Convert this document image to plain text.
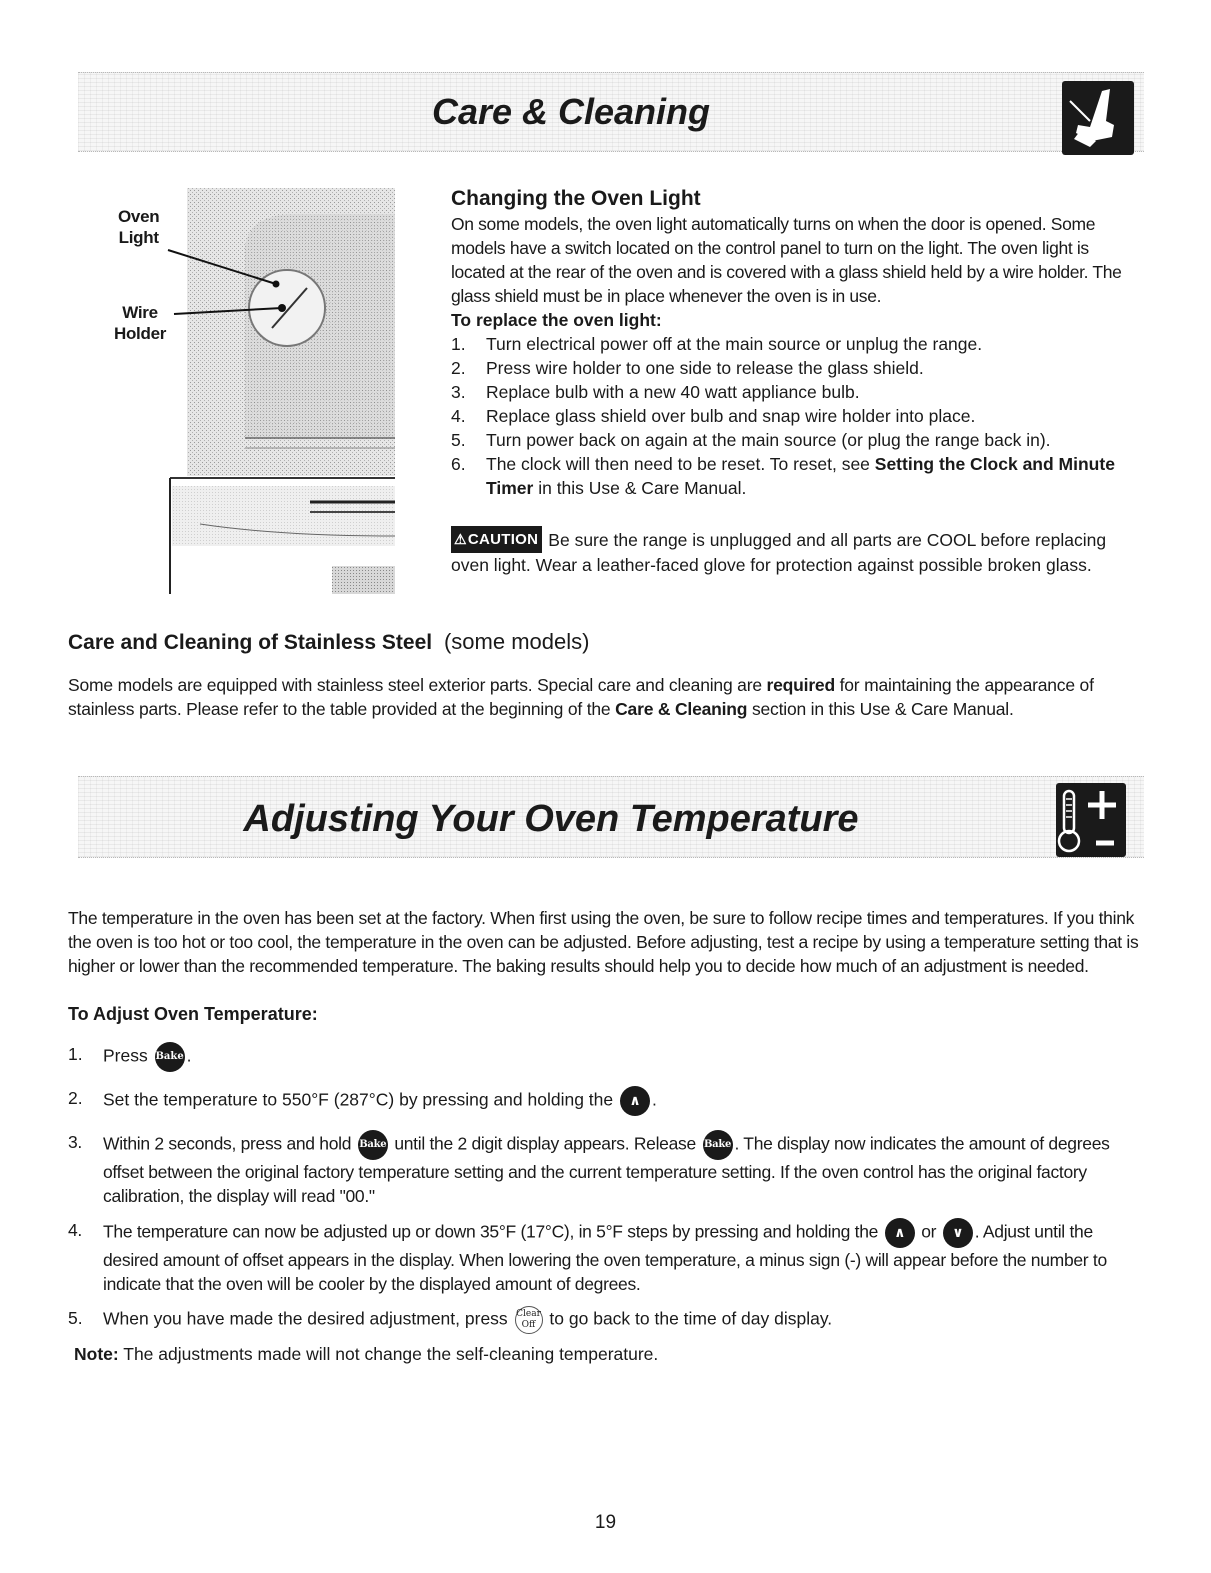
Care & Cleaning
Oven
Light
Wire
Holder
Changing the Oven Light
On some models, the oven light automatically turns on when the door is opened. Some models have a switch located on the control panel to turn on the light. The oven light is located at the rear of the oven and is covered with a glass shield held by a wire holder. The glass shield must be in place whenever the oven is in use.
To replace the oven light:
1. Turn electrical power off at the main source or unplug the range.
2. Press wire holder to one side to release the glass shield.
3. Replace bulb with a new 40 watt appliance bulb.
4. Replace glass shield over bulb and snap wire holder into place.
5. Turn power back on again at the main source (or plug the range back in).
6. The clock will then need to be reset. To reset, see Setting the Clock and Minute Timer in this Use & Care Manual.
⚠CAUTION Be sure the range is unplugged and all parts are COOL before replacing oven light. Wear a leather-faced glove for protection against possible broken glass.
Care and Cleaning of Stainless Steel (some models)
Some models are equipped with stainless steel exterior parts. Special care and cleaning are required for maintaining the appearance of stainless parts. Please refer to the table provided at the beginning of the Care & Cleaning section in this Use & Care Manual.
Adjusting Your Oven Temperature
The temperature in the oven has been set at the factory. When first using the oven, be sure to follow recipe times and temperatures. If you think the oven is too hot or too cool, the temperature in the oven can be adjusted. Before adjusting, test a recipe by using a temperature setting that is higher or lower than the recommended temperature. The baking results should help you to decide how much of an adjustment is needed.
To Adjust Oven Temperature:
1. Press Bake .
2. Set the temperature to 550°F (287°C) by pressing and holding the ∧ .
3. Within 2 seconds, press and hold Bake until the 2 digit display appears. Release Bake . The display now indicates the amount of degrees offset between the original factory temperature setting and the current temperature setting. If the oven control has the original factory calibration, the display will read "00."
4. The temperature can now be adjusted up or down 35°F (17°C), in 5°F steps by pressing and holding the ∧ or ∨ . Adjust until the desired amount of offset appears in the display. When lowering the oven temperature, a minus sign (-) will appear before the number to indicate that the oven will be cooler by the displayed amount of degrees.
5. When you have made the desired adjustment, press Clear
Off to go back to the time of day display.
Note: The adjustments made will not change the self-cleaning temperature.
19
